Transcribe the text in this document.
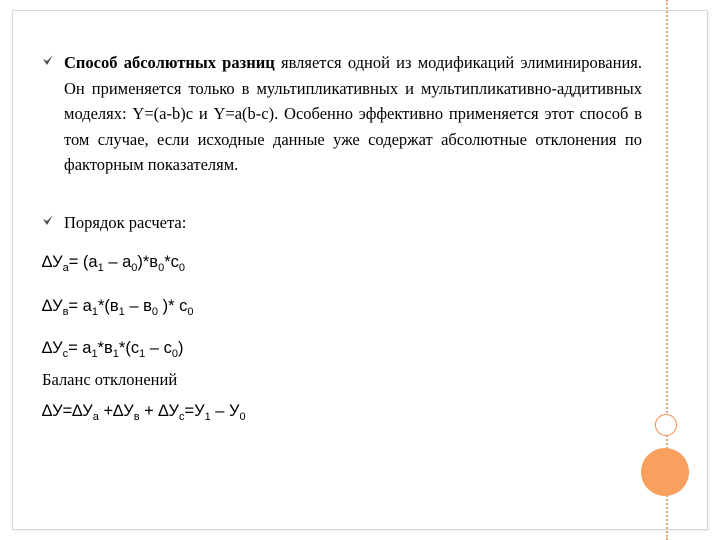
Способ абсолютных разниц является одной из модификаций элиминирования. Он применяется только в мультипликативных и мультипликативно-аддитивных моделях: Y=(a-b)c и Y=a(b-c). Особенно эффективно применяется этот способ в том случае, если исходные данные уже содержат абсолютные отклонения по факторным показателям.
Порядок расчета:
$\Delta У_а= (а_1 - а_0)*в_0*с_0$
$\Delta У_в= а_1*(в_1 - в_0$ )* $с_0$
$\Delta У_с= а_1*в_1*(с_1 - с_0)$
Баланс отклонений
$\Delta У=\Delta У_а +\Delta У_в + \Delta У_с=У_1 - У_0$
